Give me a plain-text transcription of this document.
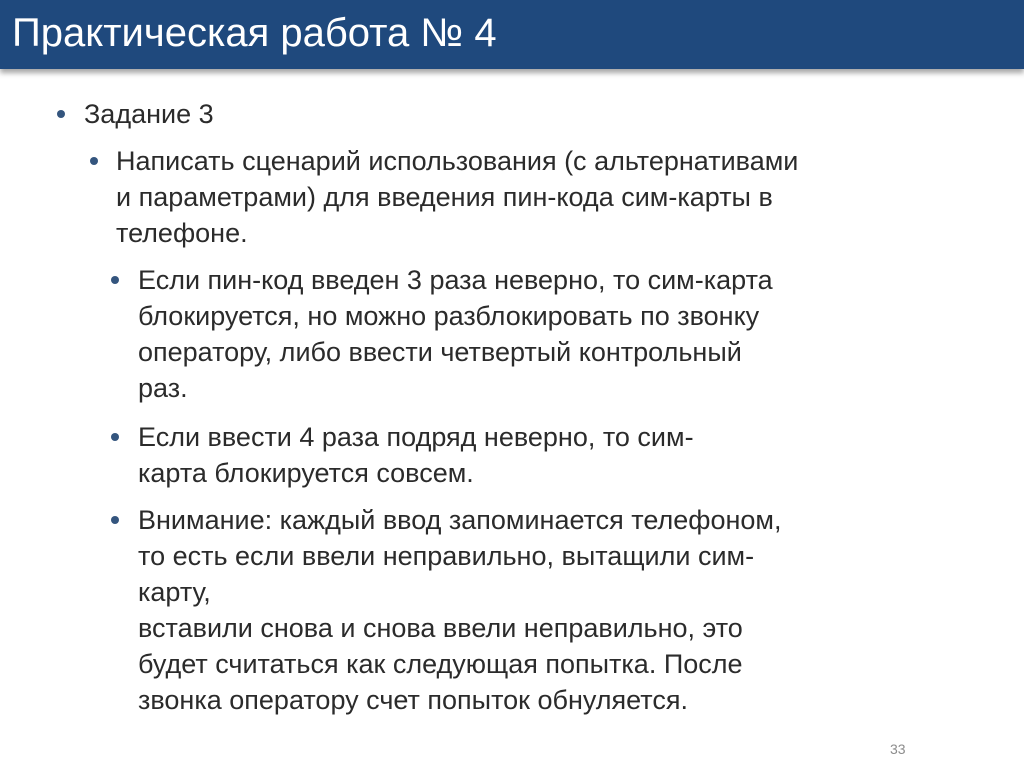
Практическая работа № 4
Задание 3
Написать сценарий использования (с альтернативами
и параметрами) для введения пин-кода сим-карты в
телефоне.
Если пин-код введен 3 раза неверно, то сим-карта
блокируется, но можно разблокировать по звонку
оператору, либо ввести четвертый контрольный
раз.
Если ввести 4 раза подряд неверно, то сим-
карта блокируется совсем.
Внимание: каждый ввод запоминается телефоном,
то есть если ввели неправильно, вытащили сим-
карту,
вставили снова и снова ввели неправильно, это
будет считаться как следующая попытка. После
звонка оператору счет попыток обнуляется.
33
